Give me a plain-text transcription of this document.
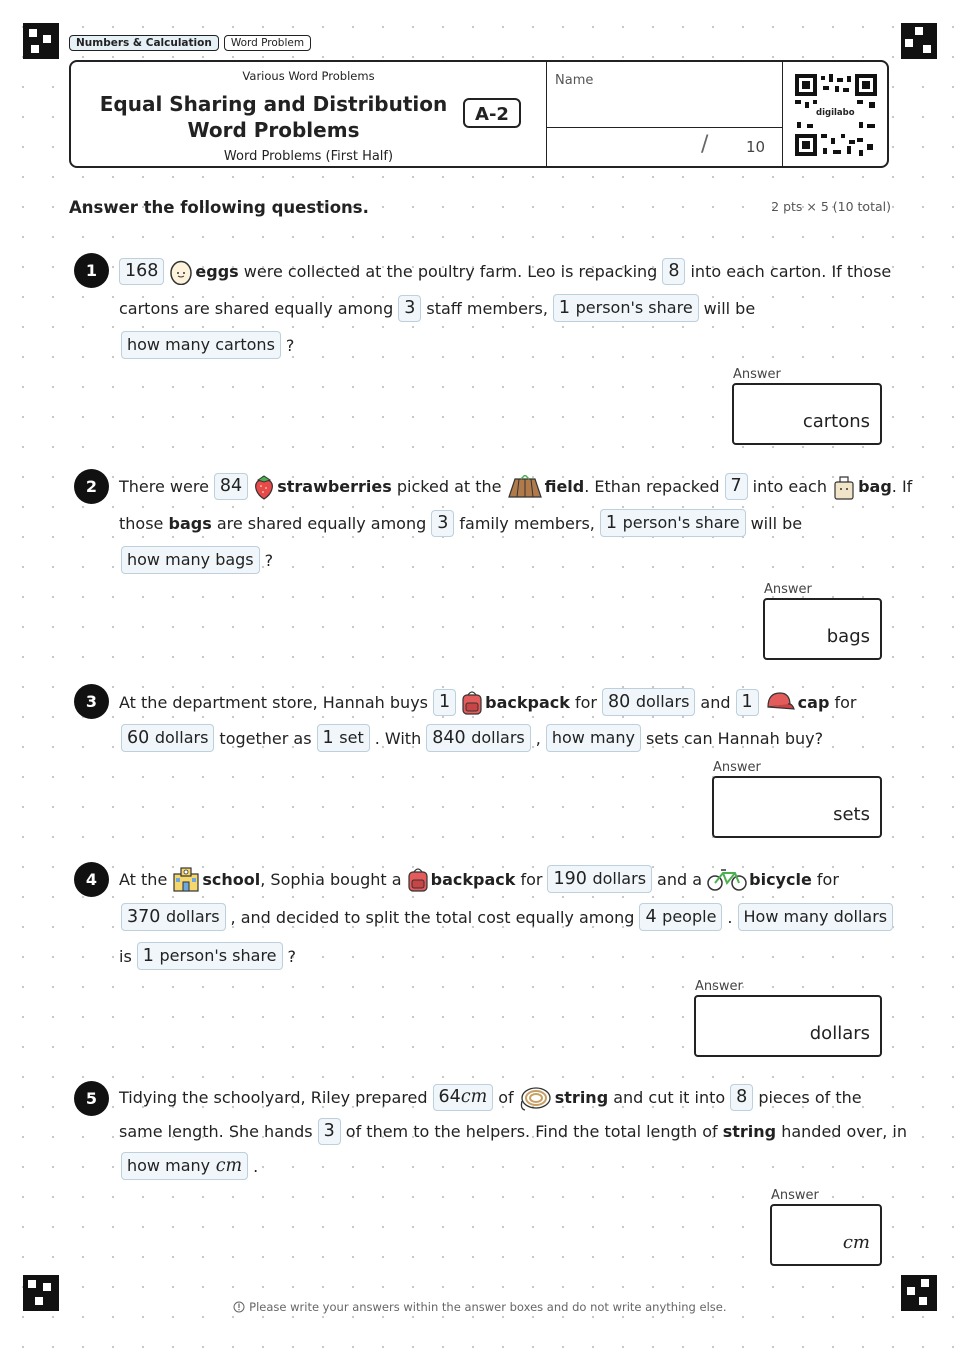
Numbers & Calculation	Word Problem
Various Word Problems
Equal Sharing and Distribution
Word Problems
A-2
Word Problems (First Half)
Name
/	10
digilabo
Answer the following questions.	2 pts × 5 (10 total)
1	168	eggs
were collected at the poultry farm. Leo is repacking 8 into each carton. If those
cartons are shared equally among 3 staff members, 1 person's share will be
how many cartons ?
Answer
cartons
2	There were 84	strawberries
picked at the
	field . Ethan repacked 7 into each
bag . If
those
bags
are shared equally among 3 family members, 1 person's share will be
how many bags ?
Answer
bags
3	At the department store, Hannah buys 1	backpack
for 80 dollars and 1	cap
for
60 dollars together as 1 set . With 840 dollars , how many sets can Hannah buy?
Answer
sets
4	At the
school , Sophia bought a
backpack
for 190 dollars and a
	bicycle
for
370 dollars , and decided to split the total cost equally among 4 people . How many dollars
is 1 person's share ?
Answer
dollars
5	Tidying the schoolyard, Riley prepared 64cm of
	string
and cut it into 8 pieces of the
same length. She hands 3 of them to the helpers. Find the total length of
string
handed over, in
how many cm .
Answer
cm
Please write your answers within the answer boxes and do not write anything else.
